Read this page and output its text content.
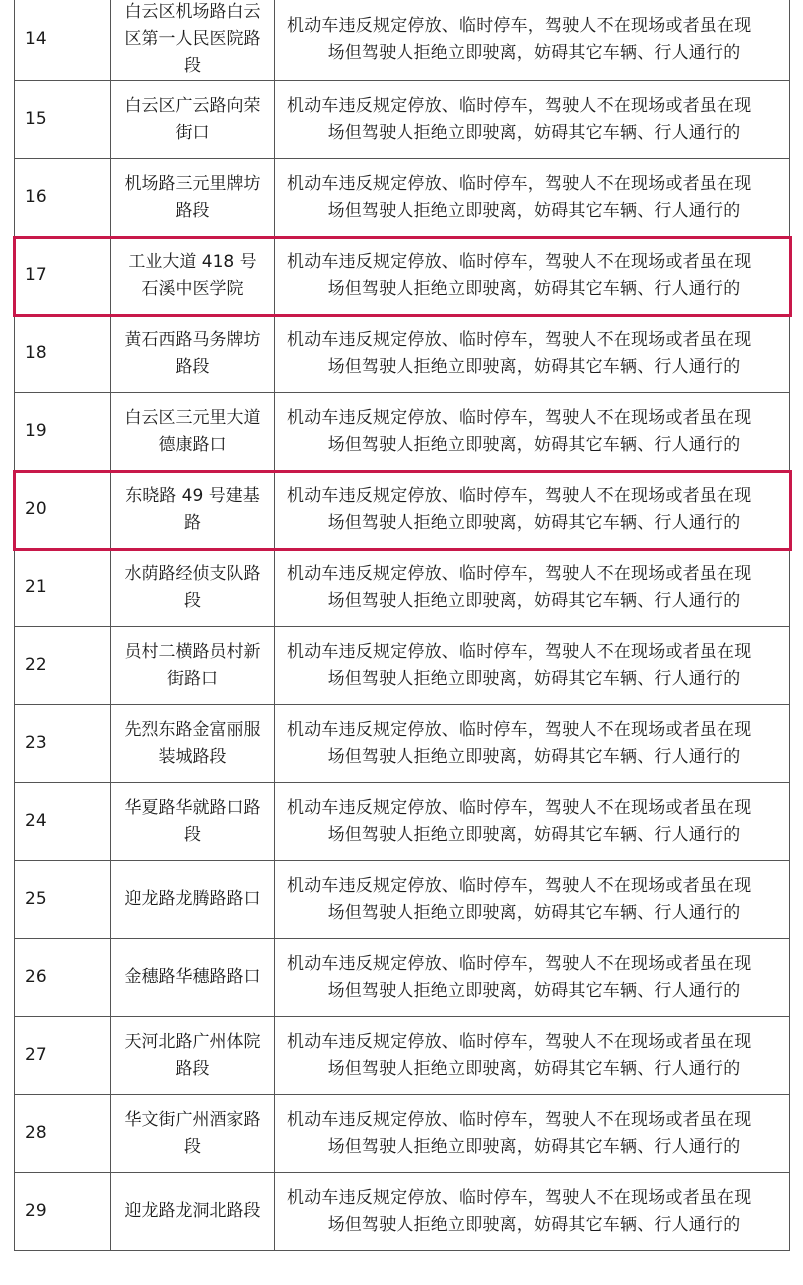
14	白云区机场路白云区第一人民医院路段	机动车违反规定停放、临时停车，驾驶人不在现场或者虽在现
场但驾驶人拒绝立即驶离，妨碍其它车辆、行人通行的

15	白云区广云路向荣街口	机动车违反规定停放、临时停车，驾驶人不在现场或者虽在现
场但驾驶人拒绝立即驶离，妨碍其它车辆、行人通行的

16	机场路三元里牌坊路段	机动车违反规定停放、临时停车，驾驶人不在现场或者虽在现
场但驾驶人拒绝立即驶离，妨碍其它车辆、行人通行的

17	工业大道 418 号石溪中医学院	机动车违反规定停放、临时停车，驾驶人不在现场或者虽在现
场但驾驶人拒绝立即驶离，妨碍其它车辆、行人通行的

18	黄石西路马务牌坊路段	机动车违反规定停放、临时停车，驾驶人不在现场或者虽在现
场但驾驶人拒绝立即驶离，妨碍其它车辆、行人通行的

19	白云区三元里大道德康路口	机动车违反规定停放、临时停车，驾驶人不在现场或者虽在现
场但驾驶人拒绝立即驶离，妨碍其它车辆、行人通行的

20	东晓路 49 号建基路	机动车违反规定停放、临时停车，驾驶人不在现场或者虽在现
场但驾驶人拒绝立即驶离，妨碍其它车辆、行人通行的

21	水荫路经侦支队路段	机动车违反规定停放、临时停车，驾驶人不在现场或者虽在现
场但驾驶人拒绝立即驶离，妨碍其它车辆、行人通行的

22	员村二横路员村新街路口	机动车违反规定停放、临时停车，驾驶人不在现场或者虽在现
场但驾驶人拒绝立即驶离，妨碍其它车辆、行人通行的

23	先烈东路金富丽服装城路段	机动车违反规定停放、临时停车，驾驶人不在现场或者虽在现
场但驾驶人拒绝立即驶离，妨碍其它车辆、行人通行的

24	华夏路华就路口路段	机动车违反规定停放、临时停车，驾驶人不在现场或者虽在现
场但驾驶人拒绝立即驶离，妨碍其它车辆、行人通行的

25	迎龙路龙腾路路口	机动车违反规定停放、临时停车，驾驶人不在现场或者虽在现
场但驾驶人拒绝立即驶离，妨碍其它车辆、行人通行的

26	金穗路华穗路路口	机动车违反规定停放、临时停车，驾驶人不在现场或者虽在现
场但驾驶人拒绝立即驶离，妨碍其它车辆、行人通行的

27	天河北路广州体院路段	机动车违反规定停放、临时停车，驾驶人不在现场或者虽在现
场但驾驶人拒绝立即驶离，妨碍其它车辆、行人通行的

28	华文街广州酒家路段	机动车违反规定停放、临时停车，驾驶人不在现场或者虽在现
场但驾驶人拒绝立即驶离，妨碍其它车辆、行人通行的

29	迎龙路龙洞北路段	机动车违反规定停放、临时停车，驾驶人不在现场或者虽在现
场但驾驶人拒绝立即驶离，妨碍其它车辆、行人通行的
